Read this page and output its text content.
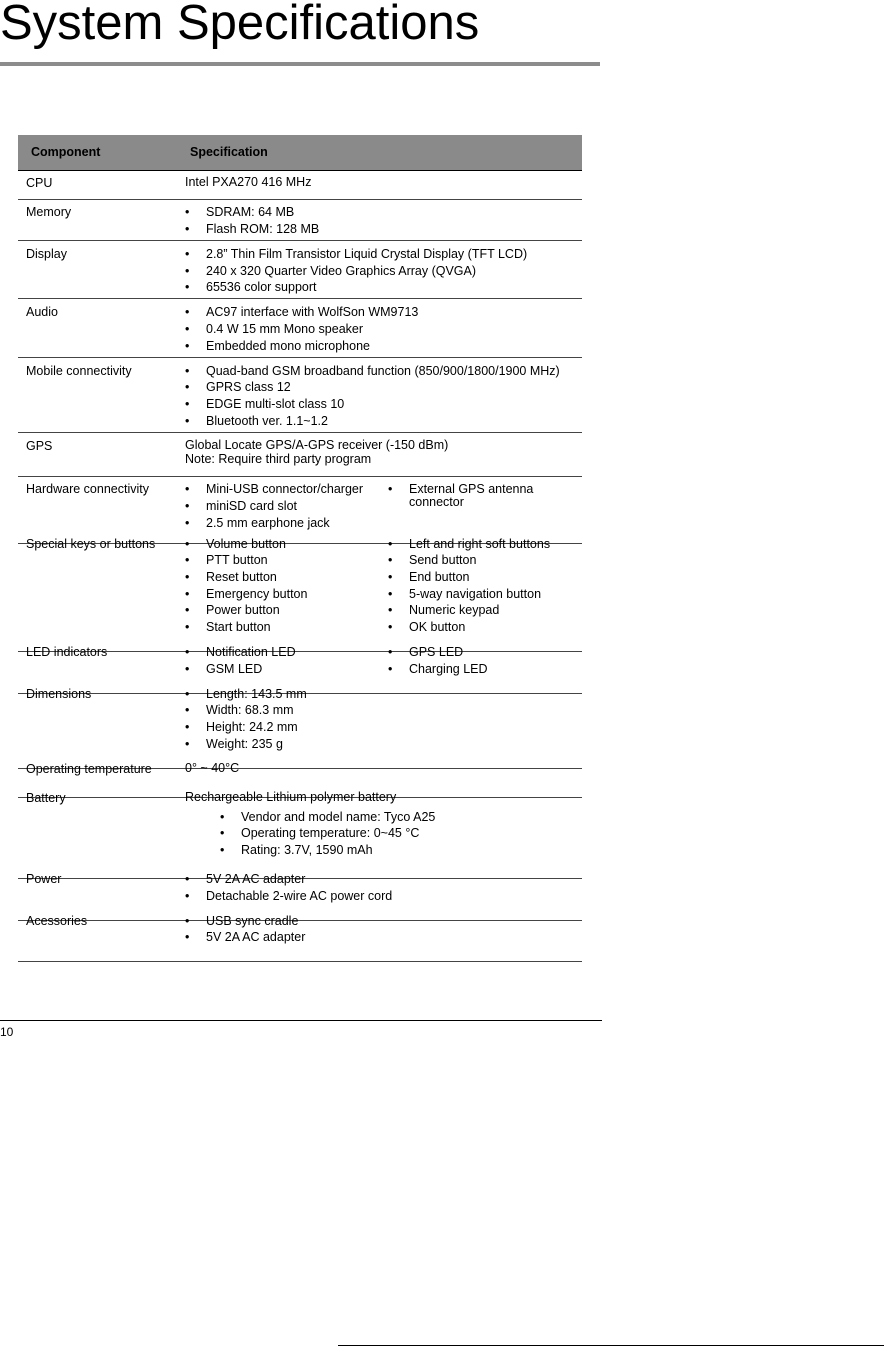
System Specifications
Component	Specification
CPU	Intel PXA270 416 MHz
Memory	• SDRAM: 64 MB
• Flash ROM: 128 MB
Display	• 2.8” Thin Film Transistor Liquid Crystal Display (TFT LCD)
• 240 x 320 Quarter Video Graphics Array (QVGA)
• 65536 color support
Audio	• AC97 interface with WolfSon WM9713
• 0.4 W 15 mm Mono speaker
• Embedded mono microphone
Mobile connectivity	• Quad-band GSM broadband function (850/900/1800/1900 MHz)
• GPRS class 12
• EDGE multi-slot class 10
• Bluetooth ver. 1.1~1.2
GPS	Global Locate GPS/A-GPS receiver (-150 dBm)
Note: Require third party program
Hardware connectivity	• Mini-USB connector/charger
• miniSD card slot
• 2.5 mm earphone jack
• External GPS antenna
connector
Special keys or buttons • Volume button
• PTT button
• Reset button
• Emergency button
• Power button
• Start button
• Left and right soft buttons
• Send button
• End button
• 5-way navigation button
• Numeric keypad
• OK button
LED indicators	• Notification LED
• GSM LED
• GPS LED
• Charging LED
Dimensions	• Length: 143.5 mm
• Width: 68.3 mm
• Height: 24.2 mm
• Weight: 235 g
Operating temperature	0° ~ 40°C
Battery	Rechargeable Lithium polymer battery
• Vendor and model name: Tyco A25
• Operating temperature: 0~45 °C
• Rating: 3.7V, 1590 mAh
Power	• 5V 2A AC adapter
• Detachable 2-wire AC power cord
Acessories	• USB sync cradle
• 5V 2A AC adapter
10
